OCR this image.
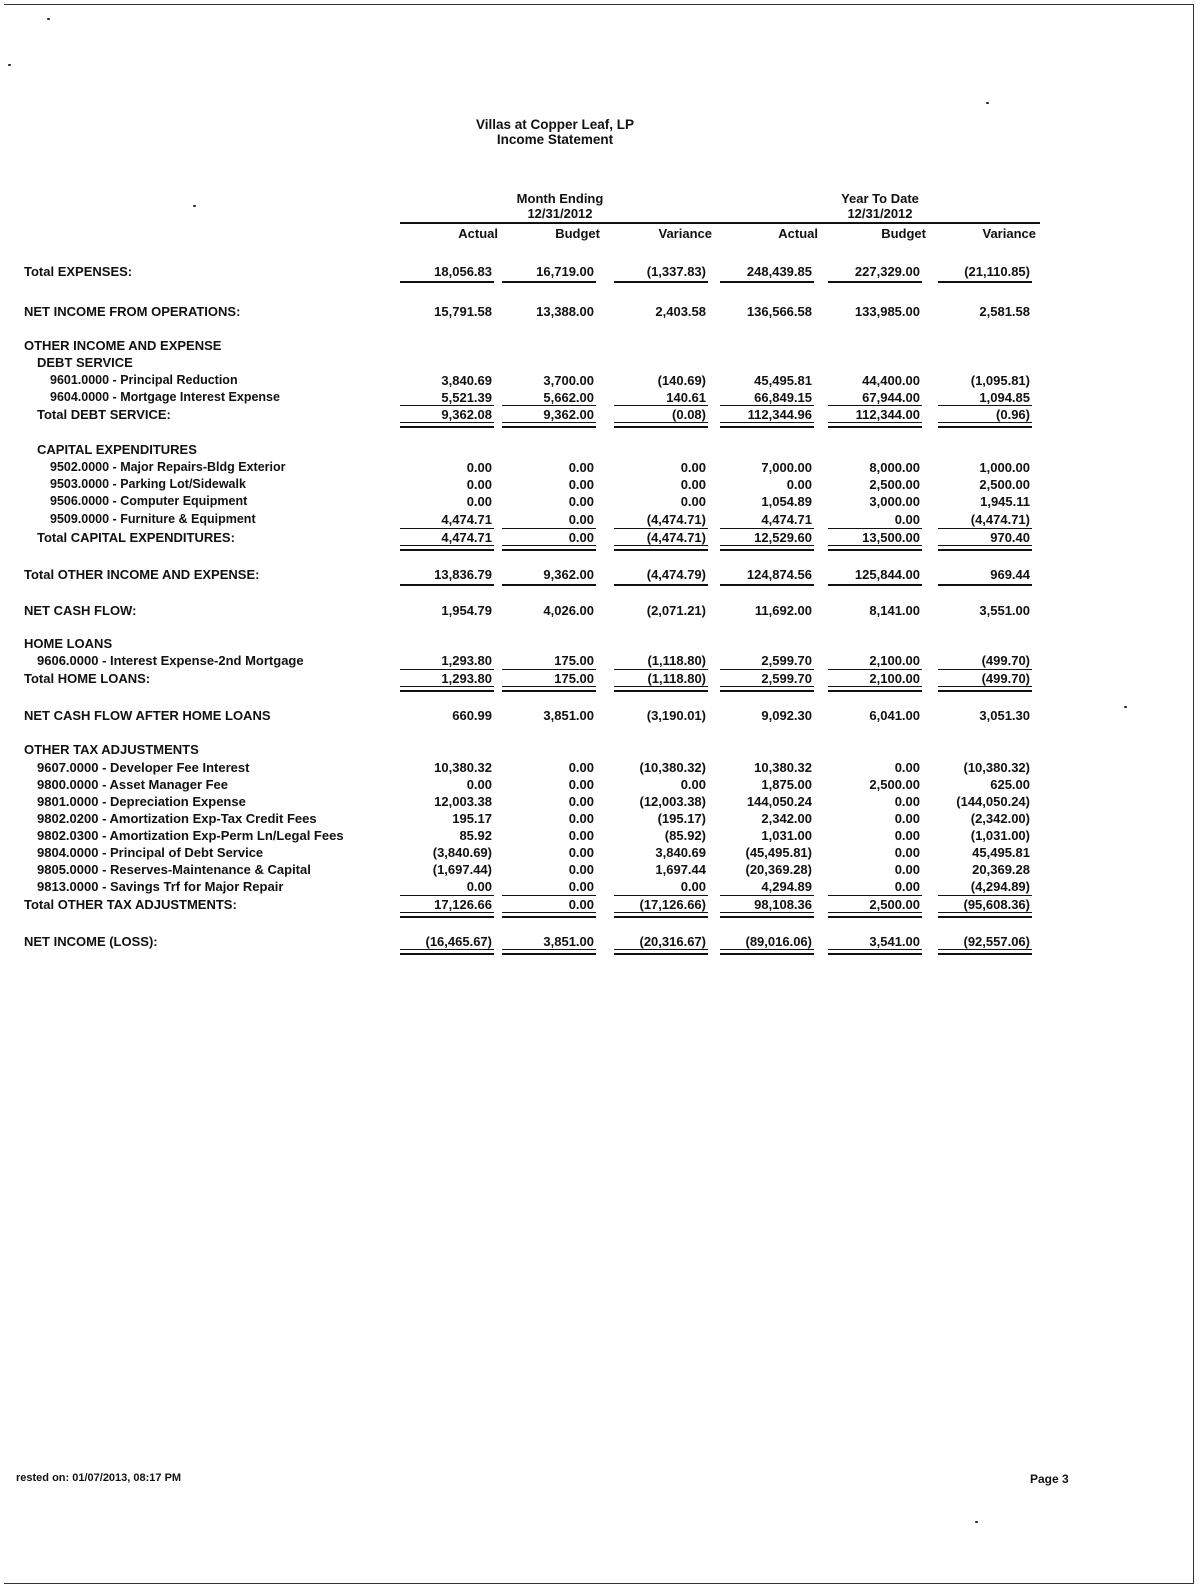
Villas at Copper Leaf, LP
Income Statement
Month Ending
12/31/2012
Year To Date
12/31/2012
Actual	Budget	Variance	Actual	Budget	Variance
Total EXPENSES:	18,056.83	16,719.00	(1,337.83)	248,439.85	227,329.00	(21,110.85)
NET INCOME FROM OPERATIONS:	15,791.58	13,388.00	2,403.58	136,566.58	133,985.00	2,581.58
OTHER INCOME AND EXPENSE
DEBT SERVICE
9601.0000 - Principal Reduction	3,840.69	3,700.00	(140.69)	45,495.81	44,400.00	(1,095.81)
9604.0000 - Mortgage Interest Expense	5,521.39	5,662.00	140.61	66,849.15	67,944.00	1,094.85
Total DEBT SERVICE:	9,362.08	9,362.00	(0.08)	112,344.96	112,344.00	(0.96)
CAPITAL EXPENDITURES
9502.0000 - Major Repairs-Bldg Exterior	0.00	0.00	0.00	7,000.00	8,000.00	1,000.00
9503.0000 - Parking Lot/Sidewalk	0.00	0.00	0.00	0.00	2,500.00	2,500.00
9506.0000 - Computer Equipment	0.00	0.00	0.00	1,054.89	3,000.00	1,945.11
9509.0000 - Furniture & Equipment	4,474.71	0.00	(4,474.71)	4,474.71	0.00	(4,474.71)
Total CAPITAL EXPENDITURES:	4,474.71	0.00	(4,474.71)	12,529.60	13,500.00	970.40
Total OTHER INCOME AND EXPENSE:	13,836.79	9,362.00	(4,474.79)	124,874.56	125,844.00	969.44
NET CASH FLOW:	1,954.79	4,026.00	(2,071.21)	11,692.00	8,141.00	3,551.00
HOME LOANS
9606.0000 - Interest Expense-2nd Mortgage	1,293.80	175.00	(1,118.80)	2,599.70	2,100.00	(499.70)
Total HOME LOANS:	1,293.80	175.00	(1,118.80)	2,599.70	2,100.00	(499.70)
NET CASH FLOW AFTER HOME LOANS	660.99	3,851.00	(3,190.01)	9,092.30	6,041.00	3,051.30
OTHER TAX ADJUSTMENTS
9607.0000 - Developer Fee Interest	10,380.32	0.00	(10,380.32)	10,380.32	0.00	(10,380.32)
9800.0000 - Asset Manager Fee	0.00	0.00	0.00	1,875.00	2,500.00	625.00
9801.0000 - Depreciation Expense	12,003.38	0.00	(12,003.38)	144,050.24	0.00	(144,050.24)
9802.0200 - Amortization Exp-Tax Credit Fees	195.17	0.00	(195.17)	2,342.00	0.00	(2,342.00)
9802.0300 - Amortization Exp-Perm Ln/Legal Fees	85.92	0.00	(85.92)	1,031.00	0.00	(1,031.00)
9804.0000 - Principal of Debt Service	(3,840.69)	0.00	3,840.69	(45,495.81)	0.00	45,495.81
9805.0000 - Reserves-Maintenance & Capital	(1,697.44)	0.00	1,697.44	(20,369.28)	0.00	20,369.28
9813.0000 - Savings Trf for Major Repair	0.00	0.00	0.00	4,294.89	0.00	(4,294.89)
Total OTHER TAX ADJUSTMENTS:	17,126.66	0.00	(17,126.66)	98,108.36	2,500.00	(95,608.36)
NET INCOME (LOSS):	(16,465.67)	3,851.00	(20,316.67)	(89,016.06)	3,541.00	(92,557.06)
rested on: 01/07/2013, 08:17 PM	Page 3
